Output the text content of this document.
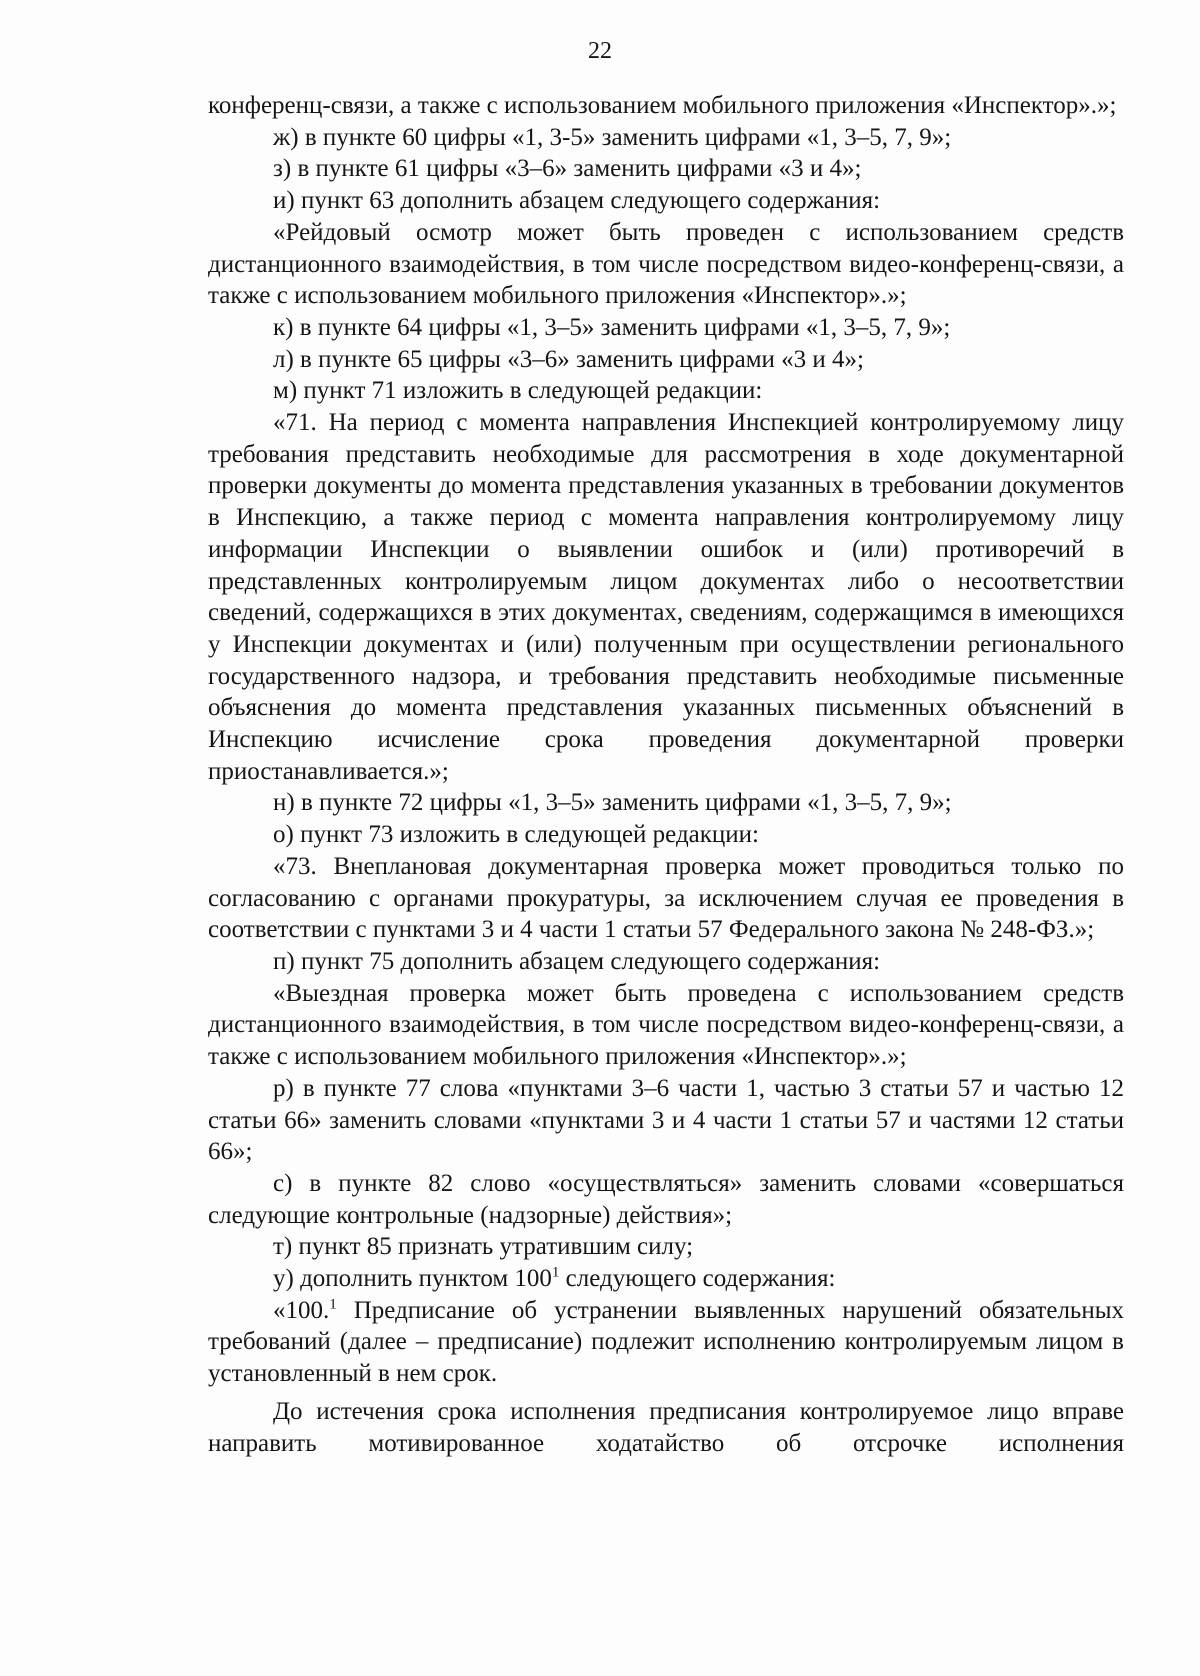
22

конференц-связи, а также с использованием мобильного приложения «Инспектор».»;

ж) в пункте 60 цифры «1, 3-5» заменить цифрами «1, 3–5, 7, 9»;

з) в пункте 61 цифры «3–6» заменить цифрами «3 и 4»;

и) пункт 63 дополнить абзацем следующего содержания:

«Рейдовый осмотр может быть проведен с использованием средств дистанционного взаимодействия, в том числе посредством видео-конференц-связи, а также с использованием мобильного приложения «Инспектор».»;

к) в пункте 64 цифры «1, 3–5» заменить цифрами «1, 3–5, 7, 9»;

л) в пункте 65 цифры «3–6» заменить цифрами «3 и 4»;

м) пункт 71 изложить в следующей редакции:

«71. На период с момента направления Инспекцией контролируемому лицу требования представить необходимые для рассмотрения в ходе документарной проверки документы до момента представления указанных в требовании документов в Инспекцию, а также период с момента направления контролируемому лицу информации Инспекции о выявлении ошибок и (или) противоречий в представленных контролируемым лицом документах либо о несоответствии сведений, содержащихся в этих документах, сведениям, содержащимся в имеющихся у Инспекции документах и (или) полученным при осуществлении регионального государственного надзора, и требования представить необходимые письменные объяснения до момента представления указанных письменных объяснений в Инспекцию исчисление срока проведения документарной проверки приостанавливается.»;

н) в пункте 72 цифры «1, 3–5» заменить цифрами «1, 3–5, 7, 9»;

о) пункт 73 изложить в следующей редакции:

«73. Внеплановая документарная проверка может проводиться только по согласованию с органами прокуратуры, за исключением случая ее проведения в соответствии с пунктами 3 и 4 части 1 статьи 57 Федерального закона № 248-ФЗ.»;

п) пункт 75 дополнить абзацем следующего содержания:

«Выездная проверка может быть проведена с использованием средств дистанционного взаимодействия, в том числе посредством видео-конференц-связи, а также с использованием мобильного приложения «Инспектор».»;

р) в пункте 77 слова «пунктами 3–6 части 1, частью 3 статьи 57 и частью 12 статьи 66» заменить словами «пунктами 3 и 4 части 1 статьи 57 и частями 12 статьи 66»;

с) в пункте 82 слово «осуществляться» заменить словами «совершаться следующие контрольные (надзорные) действия»;

т) пункт 85 признать утратившим силу;

у) дополнить пунктом $100^1$ следующего содержания:

«100.$^1$ Предписание об устранении выявленных нарушений обязательных требований (далее – предписание) подлежит исполнению контролируемым лицом в установленный в нем срок.

До истечения срока исполнения предписания контролируемое лицо вправе направить мотивированное ходатайство об отсрочке исполнения
